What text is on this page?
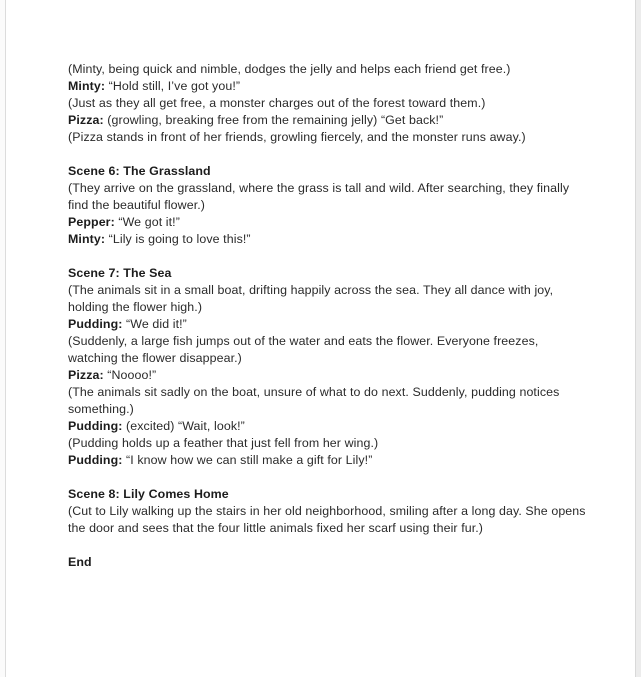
(Minty, being quick and nimble, dodges the jelly and helps each friend get free.)
Minty: “Hold still, I’ve got you!”
(Just as they all get free, a monster charges out of the forest toward them.)
Pizza: (growling, breaking free from the remaining jelly) “Get back!”
(Pizza stands in front of her friends, growling fiercely, and the monster runs away.)
Scene 6: The Grassland
(They arrive on the grassland, where the grass is tall and wild. After searching, they finally
find the beautiful flower.)
Pepper: “We got it!”
Minty: “Lily is going to love this!”
Scene 7: The Sea
(The animals sit in a small boat, drifting happily across the sea. They all dance with joy,
holding the flower high.)
Pudding: “We did it!”
(Suddenly, a large fish jumps out of the water and eats the flower. Everyone freezes,
watching the flower disappear.)
Pizza: “Noooo!”
(The animals sit sadly on the boat, unsure of what to do next. Suddenly, pudding notices
something.)
Pudding: (excited) “Wait, look!”
(Pudding holds up a feather that just fell from her wing.)
Pudding: “I know how we can still make a gift for Lily!”
Scene 8: Lily Comes Home
(Cut to Lily walking up the stairs in her old neighborhood, smiling after a long day. She opens
the door and sees that the four little animals fixed her scarf using their fur.)
End
